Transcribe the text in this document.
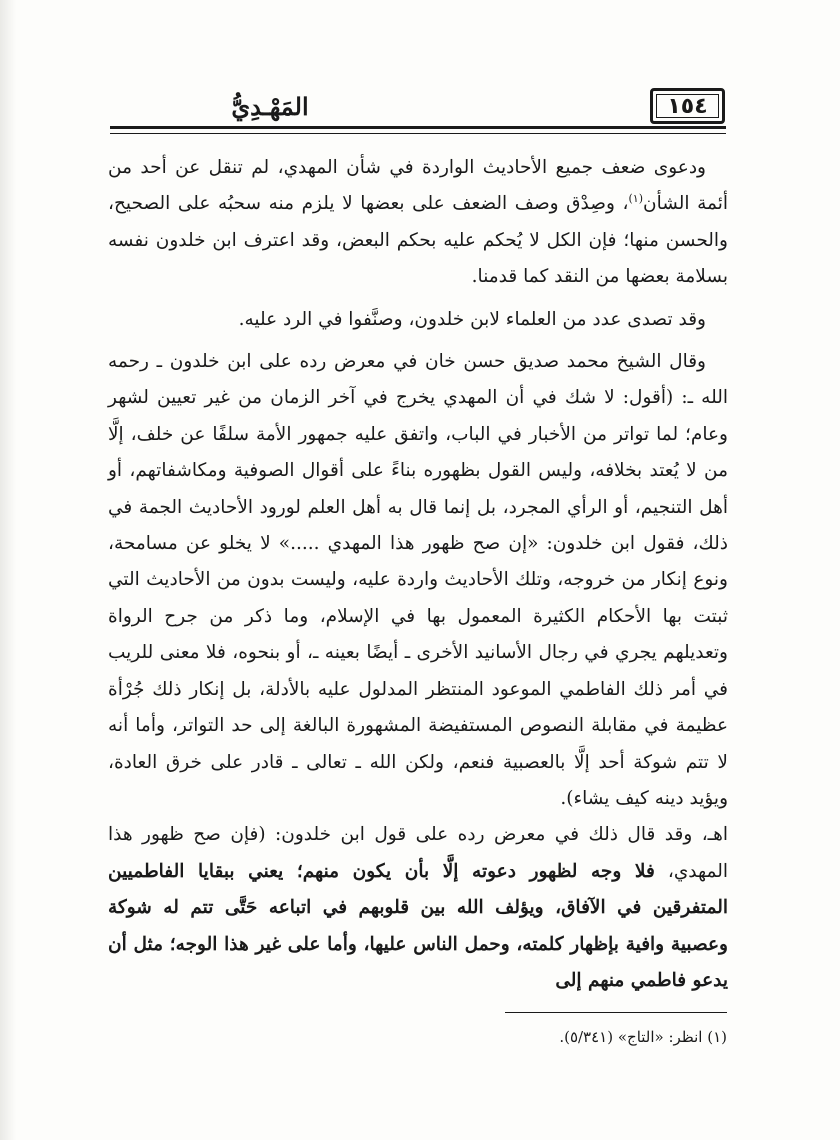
١٥٤
المَهْـدِيُّ

ودعوى ضعف جميع الأحاديث الواردة في شأن المهدي، لم تنقل عن أحد من أئمة الشأن$^{(١)}$، وصِدْق وصف الضعف على بعضها لا يلزم منه سحبُه على الصحيح، والحسن منها؛ فإن الكل لا يُحكم عليه بحكم البعض، وقد اعترف ابن خلدون نفسه بسلامة بعضها من النقد كما قدمنا.

وقد تصدى عدد من العلماء لابن خلدون، وصنَّفوا في الرد عليه.

وقال الشيخ محمد صديق حسن خان في معرض رده على ابن خلدون ـ رحمه الله ـ: (أقول: لا شك في أن المهدي يخرج في آخر الزمان من غير تعيين لشهر وعام؛ لما تواتر من الأخبار في الباب، واتفق عليه جمهور الأمة سلفًا عن خلف، إلَّا من لا يُعتد بخلافه، وليس القول بظهوره بناءً على أقوال الصوفية ومكاشفاتهم، أو أهل التنجيم، أو الرأي المجرد، بل إنما قال به أهل العلم لورود الأحاديث الجمة في ذلك، فقول ابن خلدون: «إن صح ظهور هذا المهدي .....» لا يخلو عن مسامحة، ونوع إنكار من خروجه، وتلك الأحاديث واردة عليه، وليست بدون من الأحاديث التي ثبتت بها الأحكام الكثيرة المعمول بها في الإسلام، وما ذكر من جرح الرواة وتعديلهم يجري في رجال الأسانيد الأخرى ـ أيضًا بعينه ـ، أو بنحوه، فلا معنى للريب في أمر ذلك الفاطمي الموعود المنتظر المدلول عليه بالأدلة، بل إنكار ذلك جُرْأة عظيمة في مقابلة النصوص المستفيضة المشهورة البالغة إلى حد التواتر، وأما أنه لا تتم شوكة أحد إلَّا بالعصبية فنعم، ولكن الله ـ تعالى ـ قادر على خرق العادة، ويؤيد دينه كيف يشاء).

اهـ، وقد قال ذلك في معرض رده على قول ابن خلدون: (فإن صح ظهور هذا المهدي، فلا وجه لظهور دعوته إلَّا بأن يكون منهم؛ يعني ببقايا الفاطميين المتفرقين في الآفاق، ويؤلف الله بين قلوبهم في اتباعه حَتَّى تتم له شوكة وعصبية وافية بإظهار كلمته، وحمل الناس عليها، وأما على غير هذا الوجه؛ مثل أن يدعو فاطمي منهم إلى

(١) انظر: «التاج» (٥/٣٤١).
